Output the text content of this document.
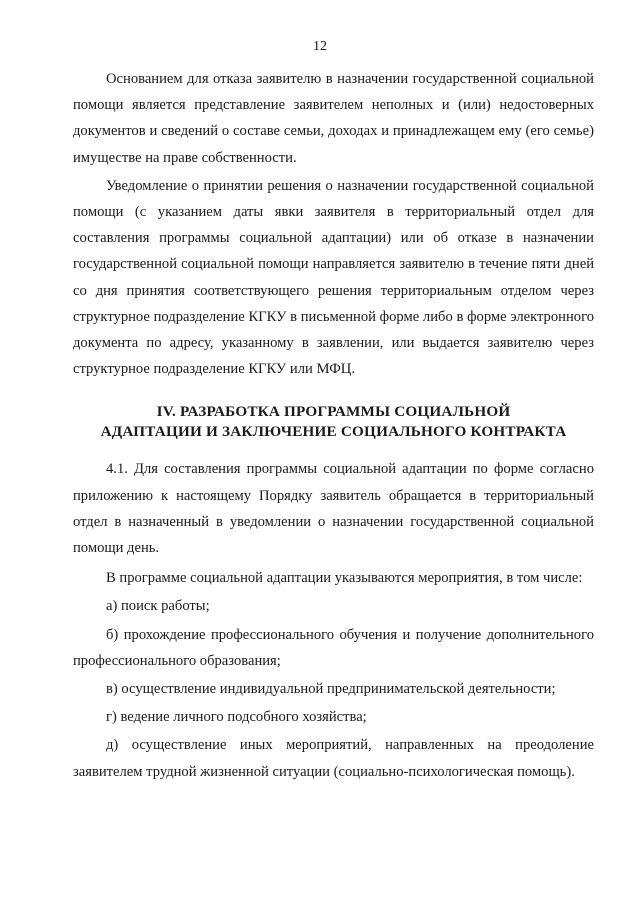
12

Основанием для отказа заявителю в назначении государственной социальной помощи является представление заявителем неполных и (или) недостоверных документов и сведений о составе семьи, доходах и принадлежащем ему (его семье) имуществе на праве собственности.

Уведомление о принятии решения о назначении государственной социальной помощи (с указанием даты явки заявителя в территориальный отдел для составления программы социальной адаптации) или об отказе в назначении государственной социальной помощи направляется заявителю в течение пяти дней со дня принятия соответствующего решения территориальным отделом через структурное подразделение КГКУ в письменной форме либо в форме электронного документа по адресу, указанному в заявлении, или выдается заявителю через структурное подразделение КГКУ или МФЦ.

IV. РАЗРАБОТКА ПРОГРАММЫ СОЦИАЛЬНОЙ
АДАПТАЦИИ И ЗАКЛЮЧЕНИЕ СОЦИАЛЬНОГО КОНТРАКТА

4.1. Для составления программы социальной адаптации по форме согласно приложению к настоящему Порядку заявитель обращается в территориальный отдел в назначенный в уведомлении о назначении государственной социальной помощи день.

В программе социальной адаптации указываются мероприятия, в том числе:

а) поиск работы;

б) прохождение профессионального обучения и получение дополнительного профессионального образования;

в) осуществление индивидуальной предпринимательской деятельности;

г) ведение личного подсобного хозяйства;

д) осуществление иных мероприятий, направленных на преодоление заявителем трудной жизненной ситуации (социально-психологическая помощь).
